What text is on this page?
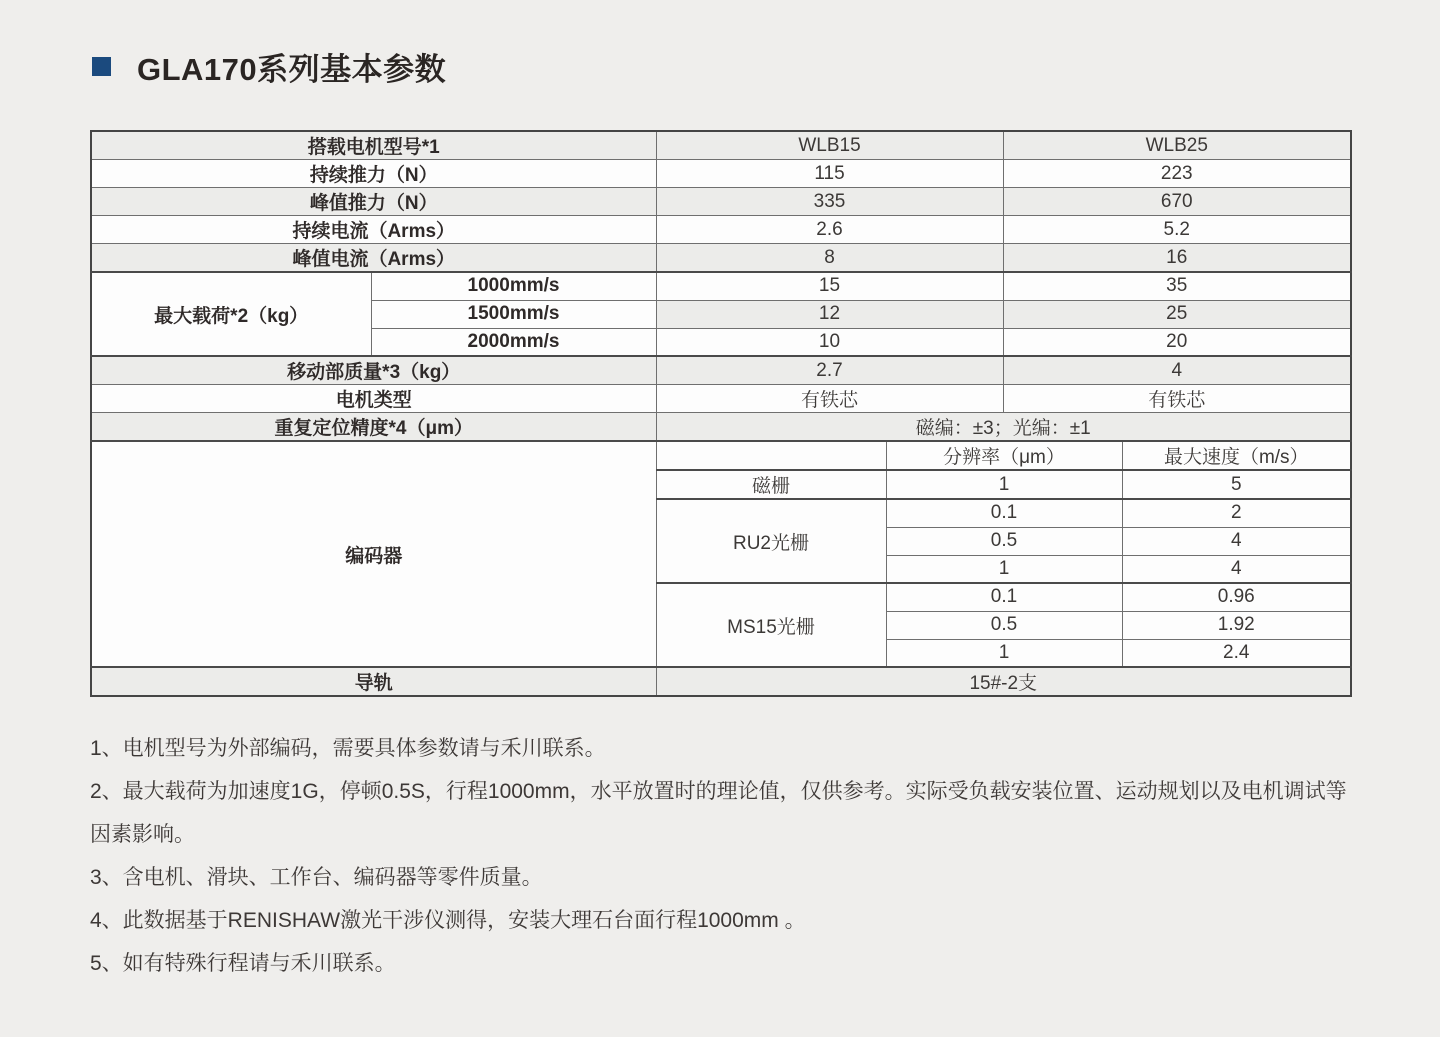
GLA170系列基本参数
搭载电机型号*1		WLB15		WLB25	
持续推力（N）		115		223	
峰值推力（N）		335		670	
持续电流（Arms）		2.6		5.2	
峰值电流（Arms）		8		16	
最大载荷*2（kg）	1000mm/s	15		35	
	1500mm/s	12		25	
	2000mm/s	10		20	
移动部质量*3（kg）		2.7		4	
电机类型		有铁芯		有铁芯	
重复定位精度*4（μm）		磁编：±3；光编：±1			
编码器			分辨率（μm）		最大速度（m/s）
		磁栅	1		5
		RU2光栅	0.1		2
			0.5		4
			1		4
		MS15光栅	0.1		0.96
			0.5		1.92
			1		2.4
导轨		15#-2支			

1、电机型号为外部编码，需要具体参数请与禾川联系。

2、最大载荷为加速度1G，停顿0.5S，行程1000mm，水平放置时的理论值，仅供参考。实际受负载安装位置、运动规划以及电机调试等因素影响。

3、含电机、滑块、工作台、编码器等零件质量。

4、此数据基于RENISHAW激光干涉仪测得，安装大理石台面行程1000mm 。

5、如有特殊行程请与禾川联系。
